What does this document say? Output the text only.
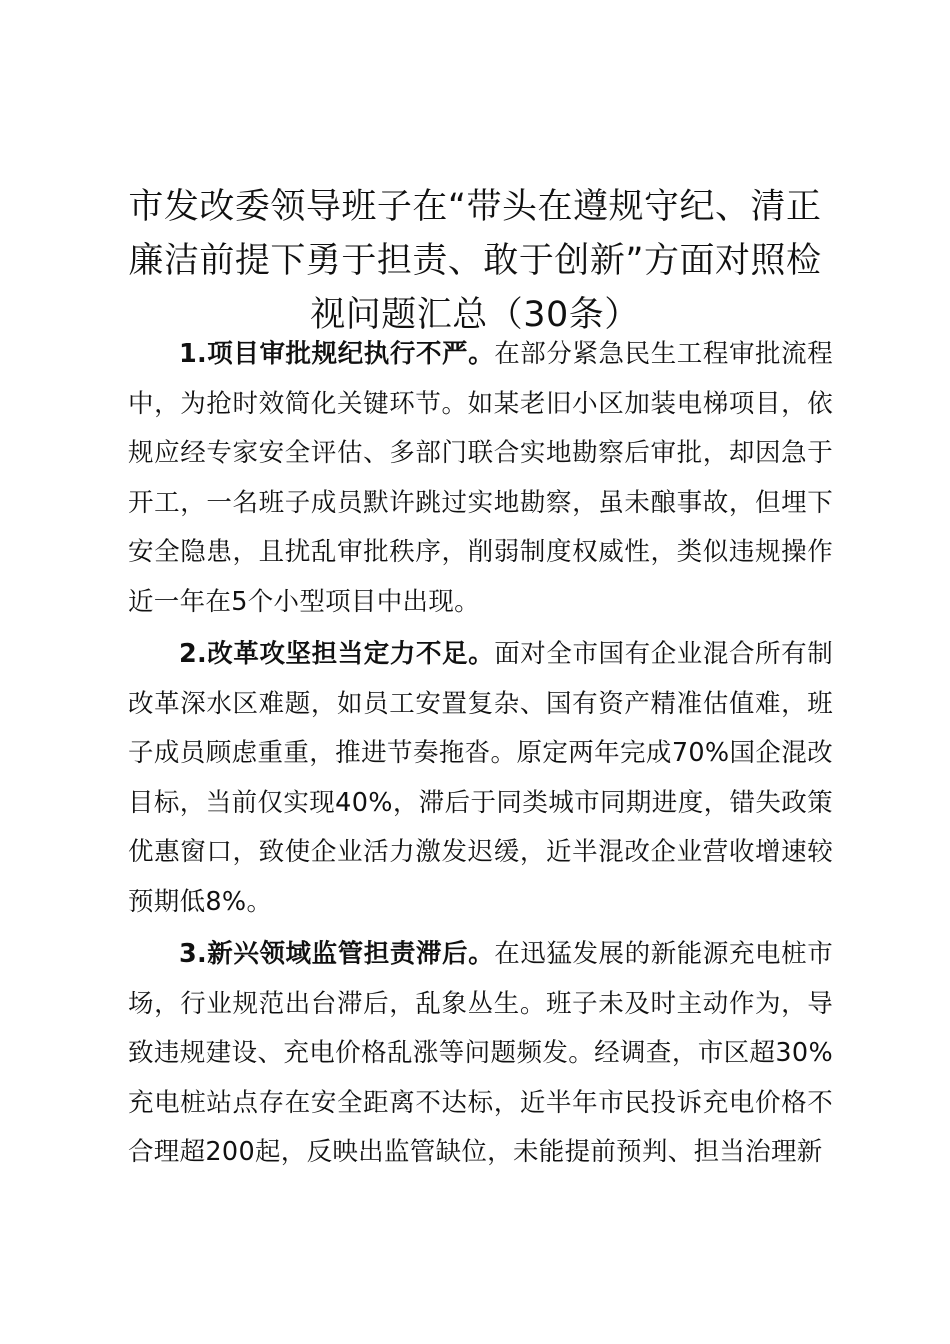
市发改委领导班子在“带头在遵规守纪、清正廉洁前提下勇于担责、敢于创新”方面对照检视问题汇总（30条）

1.项目审批规纪执行不严。在部分紧急民生工程审批流程中，为抢时效简化关键环节。如某老旧小区加装电梯项目，依规应经专家安全评估、多部门联合实地勘察后审批，却因急于开工，一名班子成员默许跳过实地勘察，虽未酿事故，但埋下安全隐患，且扰乱审批秩序，削弱制度权威性，类似违规操作近一年在5个小型项目中出现。

2.改革攻坚担当定力不足。面对全市国有企业混合所有制改革深水区难题，如员工安置复杂、国有资产精准估值难，班子成员顾虑重重，推进节奏拖沓。原定两年完成70%国企混改目标，当前仅实现40%，滞后于同类城市同期进度，错失政策优惠窗口，致使企业活力激发迟缓，近半混改企业营收增速较预期低8%。

3.新兴领域监管担责滞后。在迅猛发展的新能源充电桩市场，行业规范出台滞后，乱象丛生。班子未及时主动作为，导致违规建设、充电价格乱涨等问题频发。经调查，市区超30%充电桩站点存在安全距离不达标，近半年市民投诉充电价格不合理超200起，反映出监管缺位，未能提前预判、担当治理新
